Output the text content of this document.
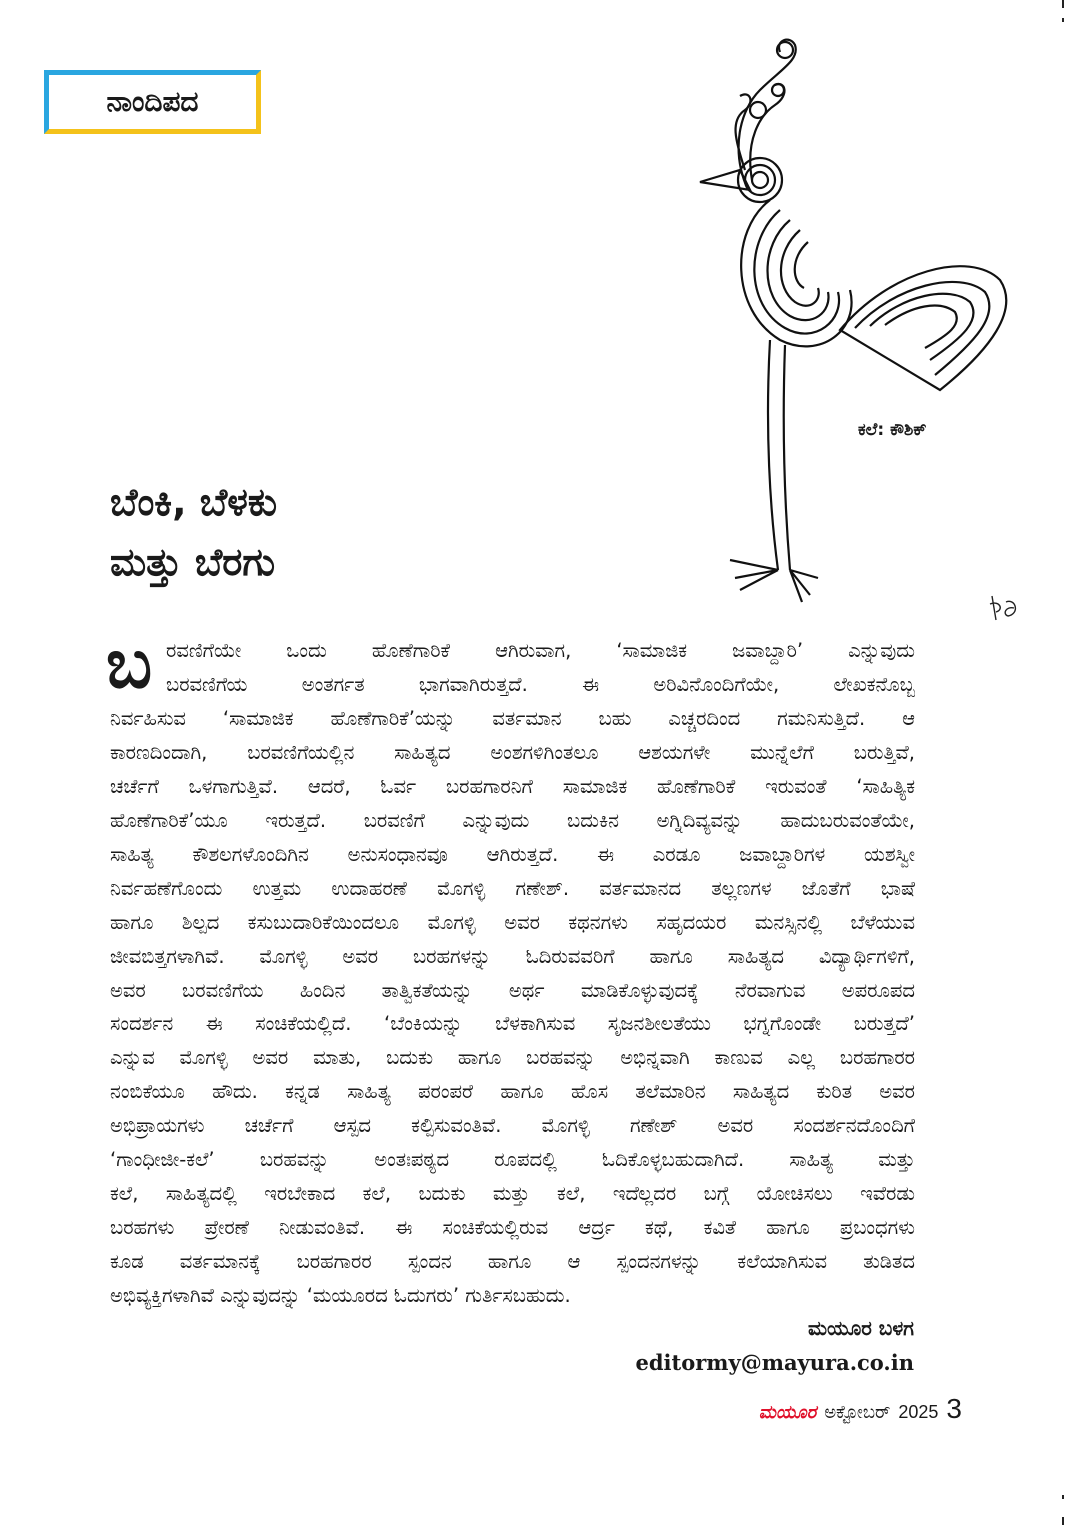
ನಾಂದಿಪದ
ಬೆಂಕಿ, ಬೆಳಕು
ಮತ್ತು ಬೆರಗು
ಕಲೆ: ಕೌಶಿಕ್
ಬ ರವಣಿಗೆಯೇ ಒಂದು ಹೊಣೆಗಾರಿಕೆ ಆಗಿರುವಾಗ, ‘ಸಾಮಾಜಿಕ ಜವಾಬ್ದಾರಿ’ ಎನ್ನುವುದು
ಬರವಣಿಗೆಯ ಅಂತರ್ಗತ ಭಾಗವಾಗಿರುತ್ತದೆ. ಈ ಅರಿವಿನೊಂದಿಗೆಯೇ, ಲೇಖಕನೊಬ್ಬ
ನಿರ್ವಹಿಸುವ ‘ಸಾಮಾಜಿಕ ಹೊಣೆಗಾರಿಕೆ’ಯನ್ನು ವರ್ತಮಾನ ಬಹು ಎಚ್ಚರದಿಂದ ಗಮನಿಸುತ್ತಿದೆ. ಆ
ಕಾರಣದಿಂದಾಗಿ, ಬರವಣಿಗೆಯಲ್ಲಿನ ಸಾಹಿತ್ಯದ ಅಂಶಗಳಿಗಿಂತಲೂ ಆಶಯಗಳೇ ಮುನ್ನೆಲೆಗೆ ಬರುತ್ತಿವೆ,
ಚರ್ಚೆಗೆ ಒಳಗಾಗುತ್ತಿವೆ. ಆದರೆ, ಓರ್ವ ಬರಹಗಾರನಿಗೆ ಸಾಮಾಜಿಕ ಹೊಣೆಗಾರಿಕೆ ಇರುವಂತೆ ‘ಸಾಹಿತ್ಯಿಕ
ಹೊಣೆಗಾರಿಕೆ’ಯೂ ಇರುತ್ತದೆ. ಬರವಣಿಗೆ ಎನ್ನುವುದು ಬದುಕಿನ ಅಗ್ನಿದಿವ್ಯವನ್ನು ಹಾದುಬರುವಂತೆಯೇ,
ಸಾಹಿತ್ಯ ಕೌಶಲಗಳೊಂದಿಗಿನ ಅನುಸಂಧಾನವೂ ಆಗಿರುತ್ತದೆ. ಈ ಎರಡೂ ಜವಾಬ್ದಾರಿಗಳ ಯಶಸ್ವೀ
ನಿರ್ವಹಣೆಗೊಂದು ಉತ್ತಮ ಉದಾಹರಣೆ ಮೊಗಳ್ಳಿ ಗಣೇಶ್. ವರ್ತಮಾನದ ತಲ್ಲಣಗಳ ಜೊತೆಗೆ ಭಾಷೆ
ಹಾಗೂ ಶಿಲ್ಪದ ಕಸುಬುದಾರಿಕೆಯಿಂದಲೂ ಮೊಗಳ್ಳಿ ಅವರ ಕಥನಗಳು ಸಹೃದಯರ ಮನಸ್ಸಿನಲ್ಲಿ ಬೆಳೆಯುವ
ಜೀವಬಿತ್ತಗಳಾಗಿವೆ. ಮೊಗಳ್ಳಿ ಅವರ ಬರಹಗಳನ್ನು ಓದಿರುವವರಿಗೆ ಹಾಗೂ ಸಾಹಿತ್ಯದ ವಿದ್ಯಾರ್ಥಿಗಳಿಗೆ,
ಅವರ ಬರವಣಿಗೆಯ ಹಿಂದಿನ ತಾತ್ವಿಕತೆಯನ್ನು ಅರ್ಥ ಮಾಡಿಕೊಳ್ಳುವುದಕ್ಕೆ ನೆರವಾಗುವ ಅಪರೂಪದ
ಸಂದರ್ಶನ ಈ ಸಂಚಿಕೆಯಲ್ಲಿದೆ. ‘ಬೆಂಕಿಯನ್ನು ಬೆಳಕಾಗಿಸುವ ಸೃಜನಶೀಲತೆಯು ಭಗ್ನಗೊಂಡೇ ಬರುತ್ತದೆ’
ಎನ್ನುವ ಮೊಗಳ್ಳಿ ಅವರ ಮಾತು, ಬದುಕು ಹಾಗೂ ಬರಹವನ್ನು ಅಭಿನ್ನವಾಗಿ ಕಾಣುವ ಎಲ್ಲ ಬರಹಗಾರರ
ನಂಬಿಕೆಯೂ ಹೌದು. ಕನ್ನಡ ಸಾಹಿತ್ಯ ಪರಂಪರೆ ಹಾಗೂ ಹೊಸ ತಲೆಮಾರಿನ ಸಾಹಿತ್ಯದ ಕುರಿತ ಅವರ
ಅಭಿಪ್ರಾಯಗಳು ಚರ್ಚೆಗೆ ಆಸ್ಪದ ಕಲ್ಪಿಸುವಂತಿವೆ. ಮೊಗಳ್ಳಿ ಗಣೇಶ್ ಅವರ ಸಂದರ್ಶನದೊಂದಿಗೆ
‘ಗಾಂಧೀಜೀ-ಕಲೆ’ ಬರಹವನ್ನು ಅಂತಃಪಠ್ಯದ ರೂಪದಲ್ಲಿ ಓದಿಕೊಳ್ಳಬಹುದಾಗಿದೆ. ಸಾಹಿತ್ಯ ಮತ್ತು
ಕಲೆ, ಸಾಹಿತ್ಯದಲ್ಲಿ ಇರಬೇಕಾದ ಕಲೆ, ಬದುಕು ಮತ್ತು ಕಲೆ, ಇದೆಲ್ಲದರ ಬಗ್ಗೆ ಯೋಚಿಸಲು ಇವೆರಡು
ಬರಹಗಳು ಪ್ರೇರಣೆ ನೀಡುವಂತಿವೆ. ಈ ಸಂಚಿಕೆಯಲ್ಲಿರುವ ಆರ್ದ್ರ ಕಥೆ, ಕವಿತೆ ಹಾಗೂ ಪ್ರಬಂಧಗಳು
ಕೂಡ ವರ್ತಮಾನಕ್ಕೆ ಬರಹಗಾರರ ಸ್ಪಂದನ ಹಾಗೂ ಆ ಸ್ಪಂದನಗಳನ್ನು ಕಲೆಯಾಗಿಸುವ ತುಡಿತದ
ಅಭಿವ್ಯಕ್ತಿಗಳಾಗಿವೆ ಎನ್ನುವುದನ್ನು ‘ಮಯೂರದ ಓದುಗರು’ ಗುರ್ತಿಸಬಹುದು.
ಮಯೂರ ಬಳಗ
editormy@mayura.co.in
ಮಯೂರ ಅಕ್ಟೋಬರ್ 2025 3
